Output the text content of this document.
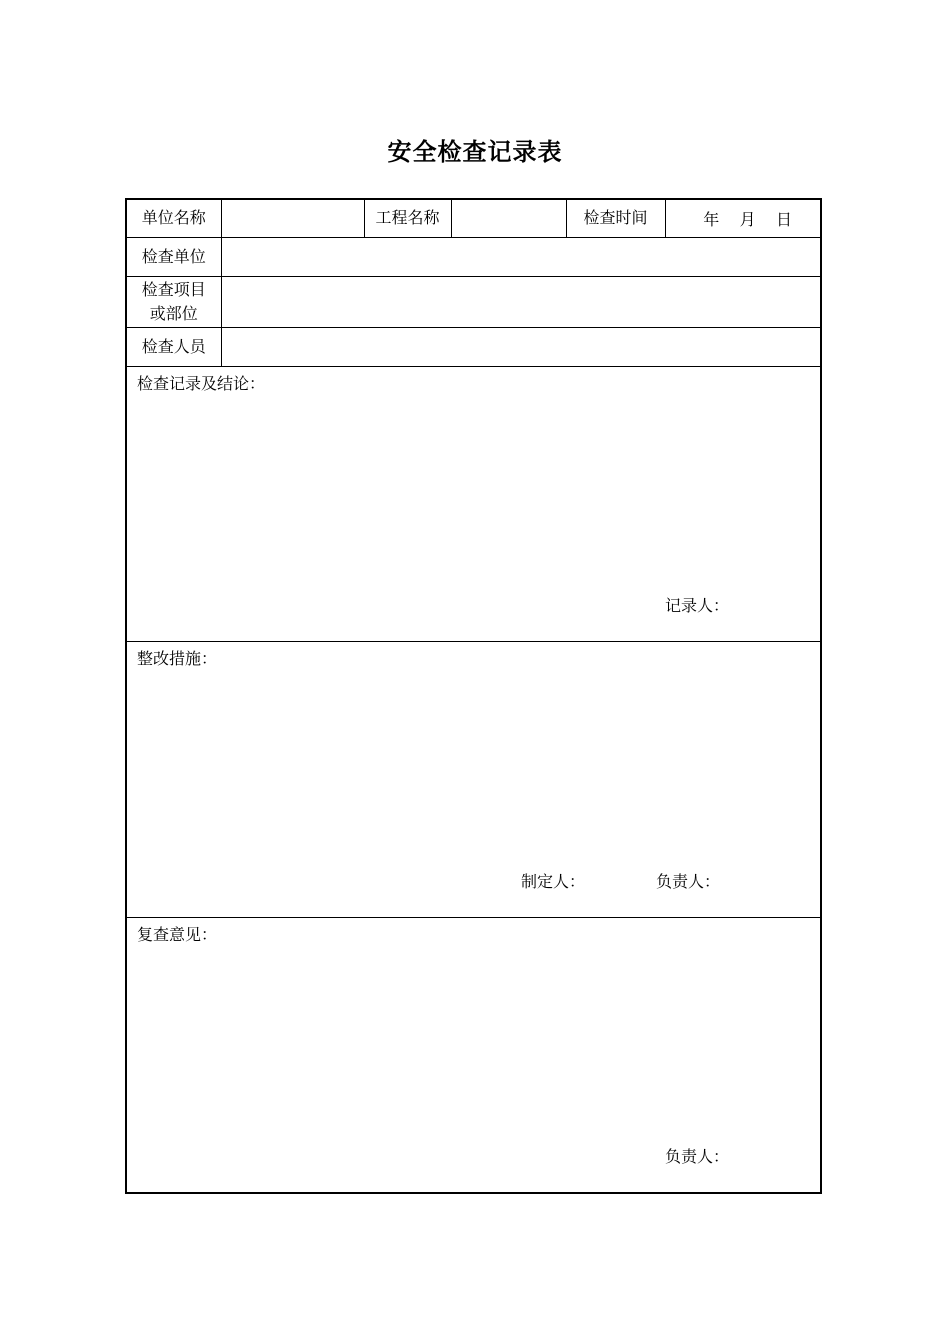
安全检查记录表
单位名称		工程名称		检查时间	年    月    日
检查单位					

检查项目
或部位					

检查人员					

检查记录及结论：
记录人：					

整改措施：
制定人： 负责人：					

复查意见：
负责人：					
